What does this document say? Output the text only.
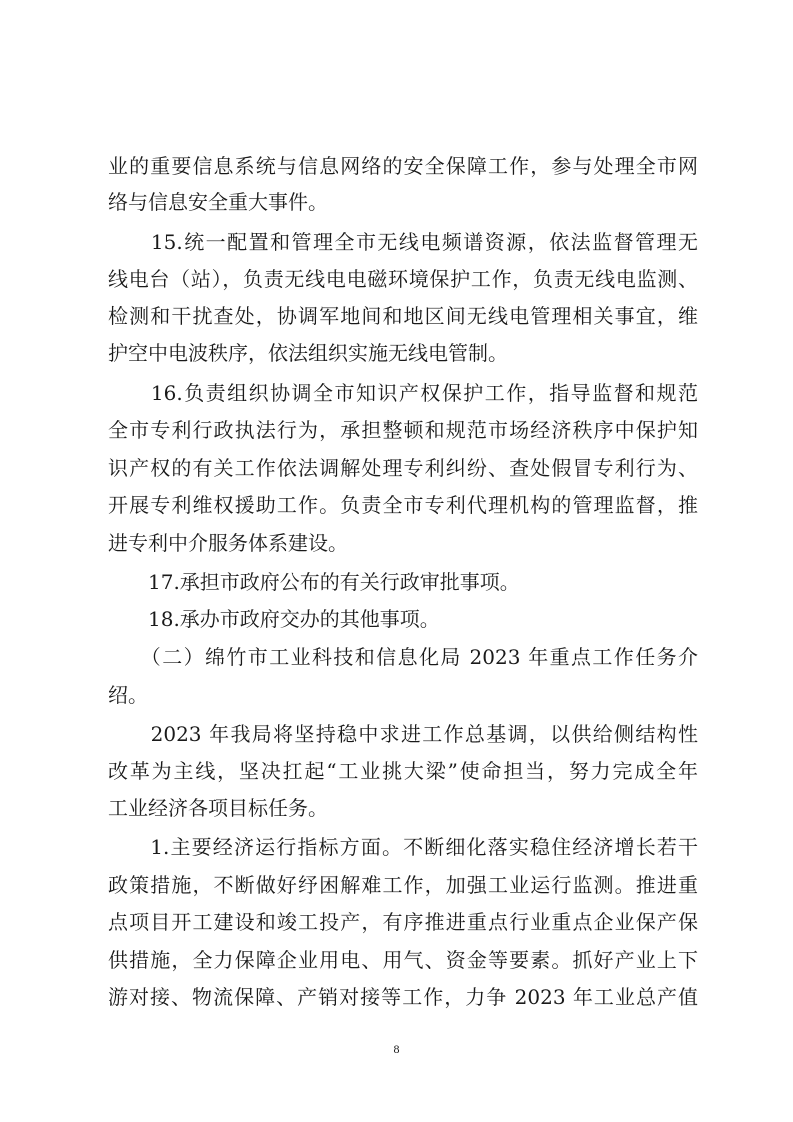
业的重要信息系统与信息网络的安全保障工作，参与处理全市网
络与信息安全重大事件。
　　15.统一配置和管理全市无线电频谱资源，依法监督管理无
线电台（站），负责无线电电磁环境保护工作，负责无线电监测、
检测和干扰查处，协调军地间和地区间无线电管理相关事宜，维
护空中电波秩序，依法组织实施无线电管制。
　　16.负责组织协调全市知识产权保护工作，指导监督和规范
全市专利行政执法行为，承担整顿和规范市场经济秩序中保护知
识产权的有关工作依法调解处理专利纠纷、查处假冒专利行为、
开展专利维权援助工作。负责全市专利代理机构的管理监督，推
进专利中介服务体系建设。
　　17.承担市政府公布的有关行政审批事项。
　　18.承办市政府交办的其他事项。
　　（二）绵竹市工业科技和信息化局 2023 年重点工作任务介
绍。
　　2023 年我局将坚持稳中求进工作总基调，以供给侧结构性
改革为主线，坚决扛起“工业挑大梁”使命担当，努力完成全年
工业经济各项目标任务。
　　1.主要经济运行指标方面。不断细化落实稳住经济增长若干
政策措施，不断做好纾困解难工作，加强工业运行监测。推进重
点项目开工建设和竣工投产，有序推进重点行业重点企业保产保
供措施，全力保障企业用电、用气、资金等要素。抓好产业上下
游对接、物流保障、产销对接等工作，力争 2023 年工业总产值
8
